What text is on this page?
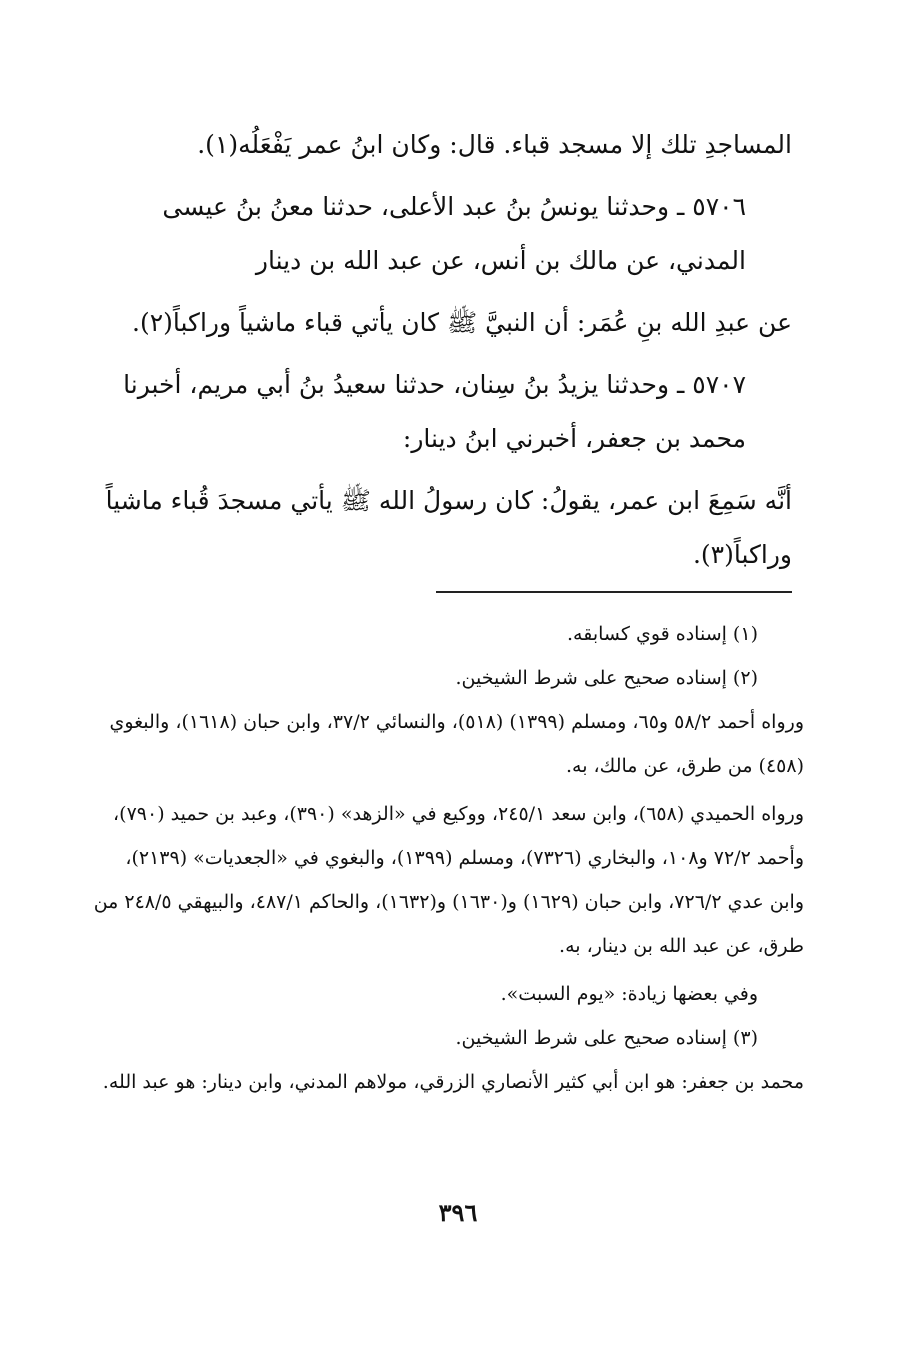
المساجدِ تلك إلا مسجد قباء. قال: وكان ابنُ عمر يَفْعَلُه(١).

٥٧٠٦ ـ وحدثنا يونسُ بنُ عبد الأعلى، حدثنا معنُ بنُ عيسى المدني، عن مالك بن أنس، عن عبد الله بن دينار

عن عبدِ الله بنِ عُمَر: أن النبيَّ ﷺ كان يأتي قباء ماشياً وراكباً(٢).

٥٧٠٧ ـ وحدثنا يزيدُ بنُ سِنان، حدثنا سعيدُ بنُ أبي مريم، أخبرنا محمد بن جعفر، أخبرني ابنُ دينار:

أنَّه سَمِعَ ابن عمر، يقولُ: كان رسولُ الله ﷺ يأتي مسجدَ قُباء ماشياً وراكباً(٣).

(١) إسناده قوي كسابقه.

(٢) إسناده صحيح على شرط الشيخين.

ورواه أحمد ٥٨/٢ و٦٥، ومسلم (١٣٩٩) (٥١٨)، والنسائي ٣٧/٢، وابن حبان (١٦١٨)، والبغوي (٤٥٨) من طرق، عن مالك، به.

ورواه الحميدي (٦٥٨)، وابن سعد ٢٤٥/١، ووكيع في «الزهد» (٣٩٠)، وعبد بن حميد (٧٩٠)، وأحمد ٧٢/٢ و١٠٨، والبخاري (٧٣٢٦)، ومسلم (١٣٩٩)، والبغوي في «الجعديات» (٢١٣٩)، وابن عدي ٧٢٦/٢، وابن حبان (١٦٢٩) و(١٦٣٠) و(١٦٣٢)، والحاكم ٤٨٧/١، والبيهقي ٢٤٨/٥ من طرق، عن عبد الله بن دينار، به.

وفي بعضها زيادة: «يوم السبت».

(٣) إسناده صحيح على شرط الشيخين.

محمد بن جعفر: هو ابن أبي كثير الأنصاري الزرقي، مولاهم المدني، وابن دينار: هو عبد الله.

٣٩٦
